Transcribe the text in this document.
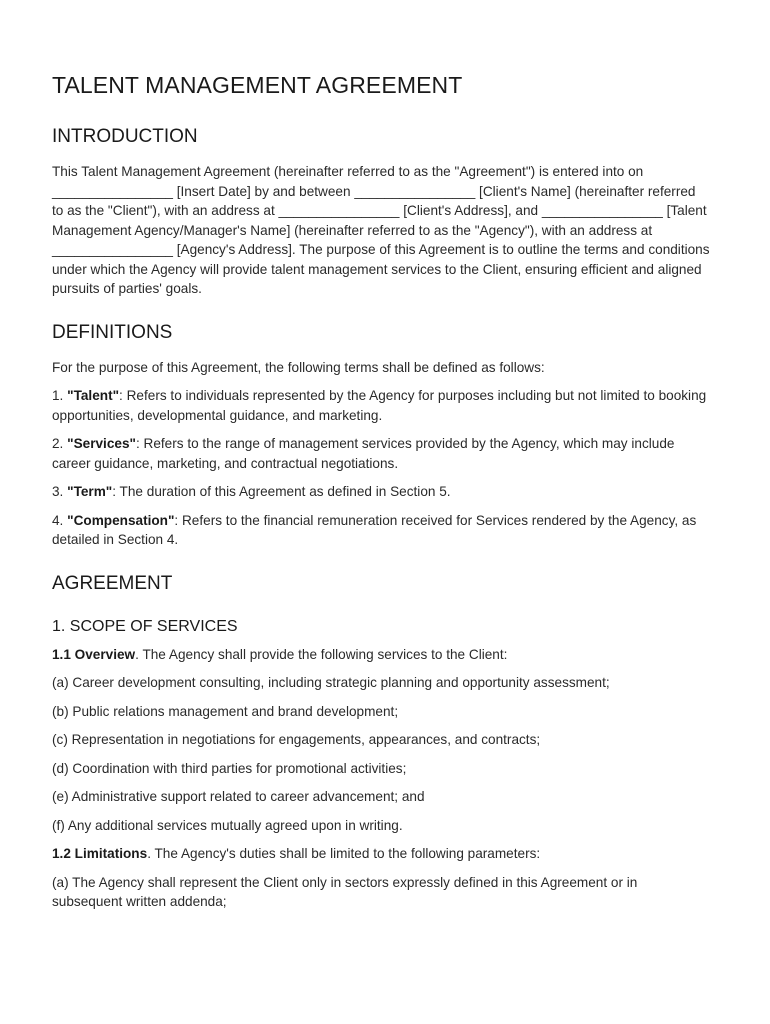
TALENT MANAGEMENT AGREEMENT
INTRODUCTION

This Talent Management Agreement (hereinafter referred to as the "Agreement") is entered into on ________________ [Insert Date] by and between ________________ [Client's Name] (hereinafter referred to as the "Client"), with an address at ________________ [Client's Address], and ________________ [Talent Management Agency/Manager's Name] (hereinafter referred to as the "Agency"), with an address at ________________ [Agency's Address]. The purpose of this Agreement is to outline the terms and conditions under which the Agency will provide talent management services to the Client, ensuring efficient and aligned pursuits of parties' goals.

DEFINITIONS

For the purpose of this Agreement, the following terms shall be defined as follows:

1. "Talent": Refers to individuals represented by the Agency for purposes including but not limited to booking opportunities, developmental guidance, and marketing.

2. "Services": Refers to the range of management services provided by the Agency, which may include career guidance, marketing, and contractual negotiations.

3. "Term": The duration of this Agreement as defined in Section 5.

4. "Compensation": Refers to the financial remuneration received for Services rendered by the Agency, as detailed in Section 4.

AGREEMENT
1. SCOPE OF SERVICES

1.1 Overview. The Agency shall provide the following services to the Client:

(a) Career development consulting, including strategic planning and opportunity assessment;

(b) Public relations management and brand development;

(c) Representation in negotiations for engagements, appearances, and contracts;

(d) Coordination with third parties for promotional activities;

(e) Administrative support related to career advancement; and

(f) Any additional services mutually agreed upon in writing.

1.2 Limitations. The Agency's duties shall be limited to the following parameters:

(a) The Agency shall represent the Client only in sectors expressly defined in this Agreement or in subsequent written addenda;
